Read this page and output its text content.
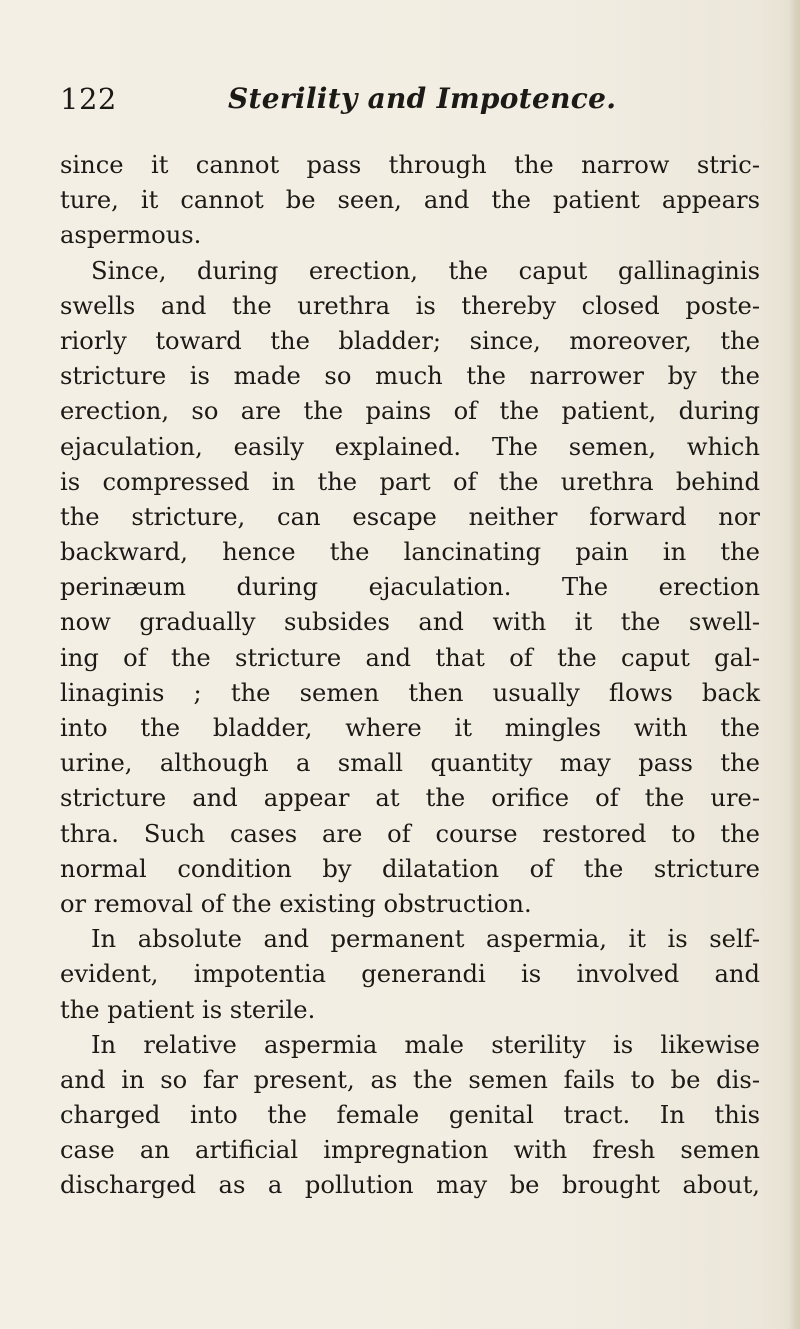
122	Sterility and Impotence.
since it cannot pass through the narrow stric-
ture, it cannot be seen, and the patient appears
aspermous.
Since, during erection, the caput gallinaginis
swells and the urethra is thereby closed poste-
riorly toward the bladder; since, moreover, the
stricture is made so much the narrower by the
erection, so are the pains of the patient, during
ejaculation, easily explained. The semen, which
is compressed in the part of the urethra behind
the stricture, can escape neither forward nor
backward, hence the lancinating pain in the
perinæum during ejaculation. The erection
now gradually subsides and with it the swell-
ing of the stricture and that of the caput gal-
linaginis ; the semen then usually flows back
into the bladder, where it mingles with the
urine, although a small quantity may pass the
stricture and appear at the orifice of the ure-
thra. Such cases are of course restored to the
normal condition by dilatation of the stricture
or removal of the existing obstruction.
In absolute and permanent aspermia, it is self-
evident, impotentia generandi is involved and
the patient is sterile.
In relative aspermia male sterility is likewise
and in so far present, as the semen fails to be dis-
charged into the female genital tract. In this
case an artificial impregnation with fresh semen
discharged as a pollution may be brought about,
